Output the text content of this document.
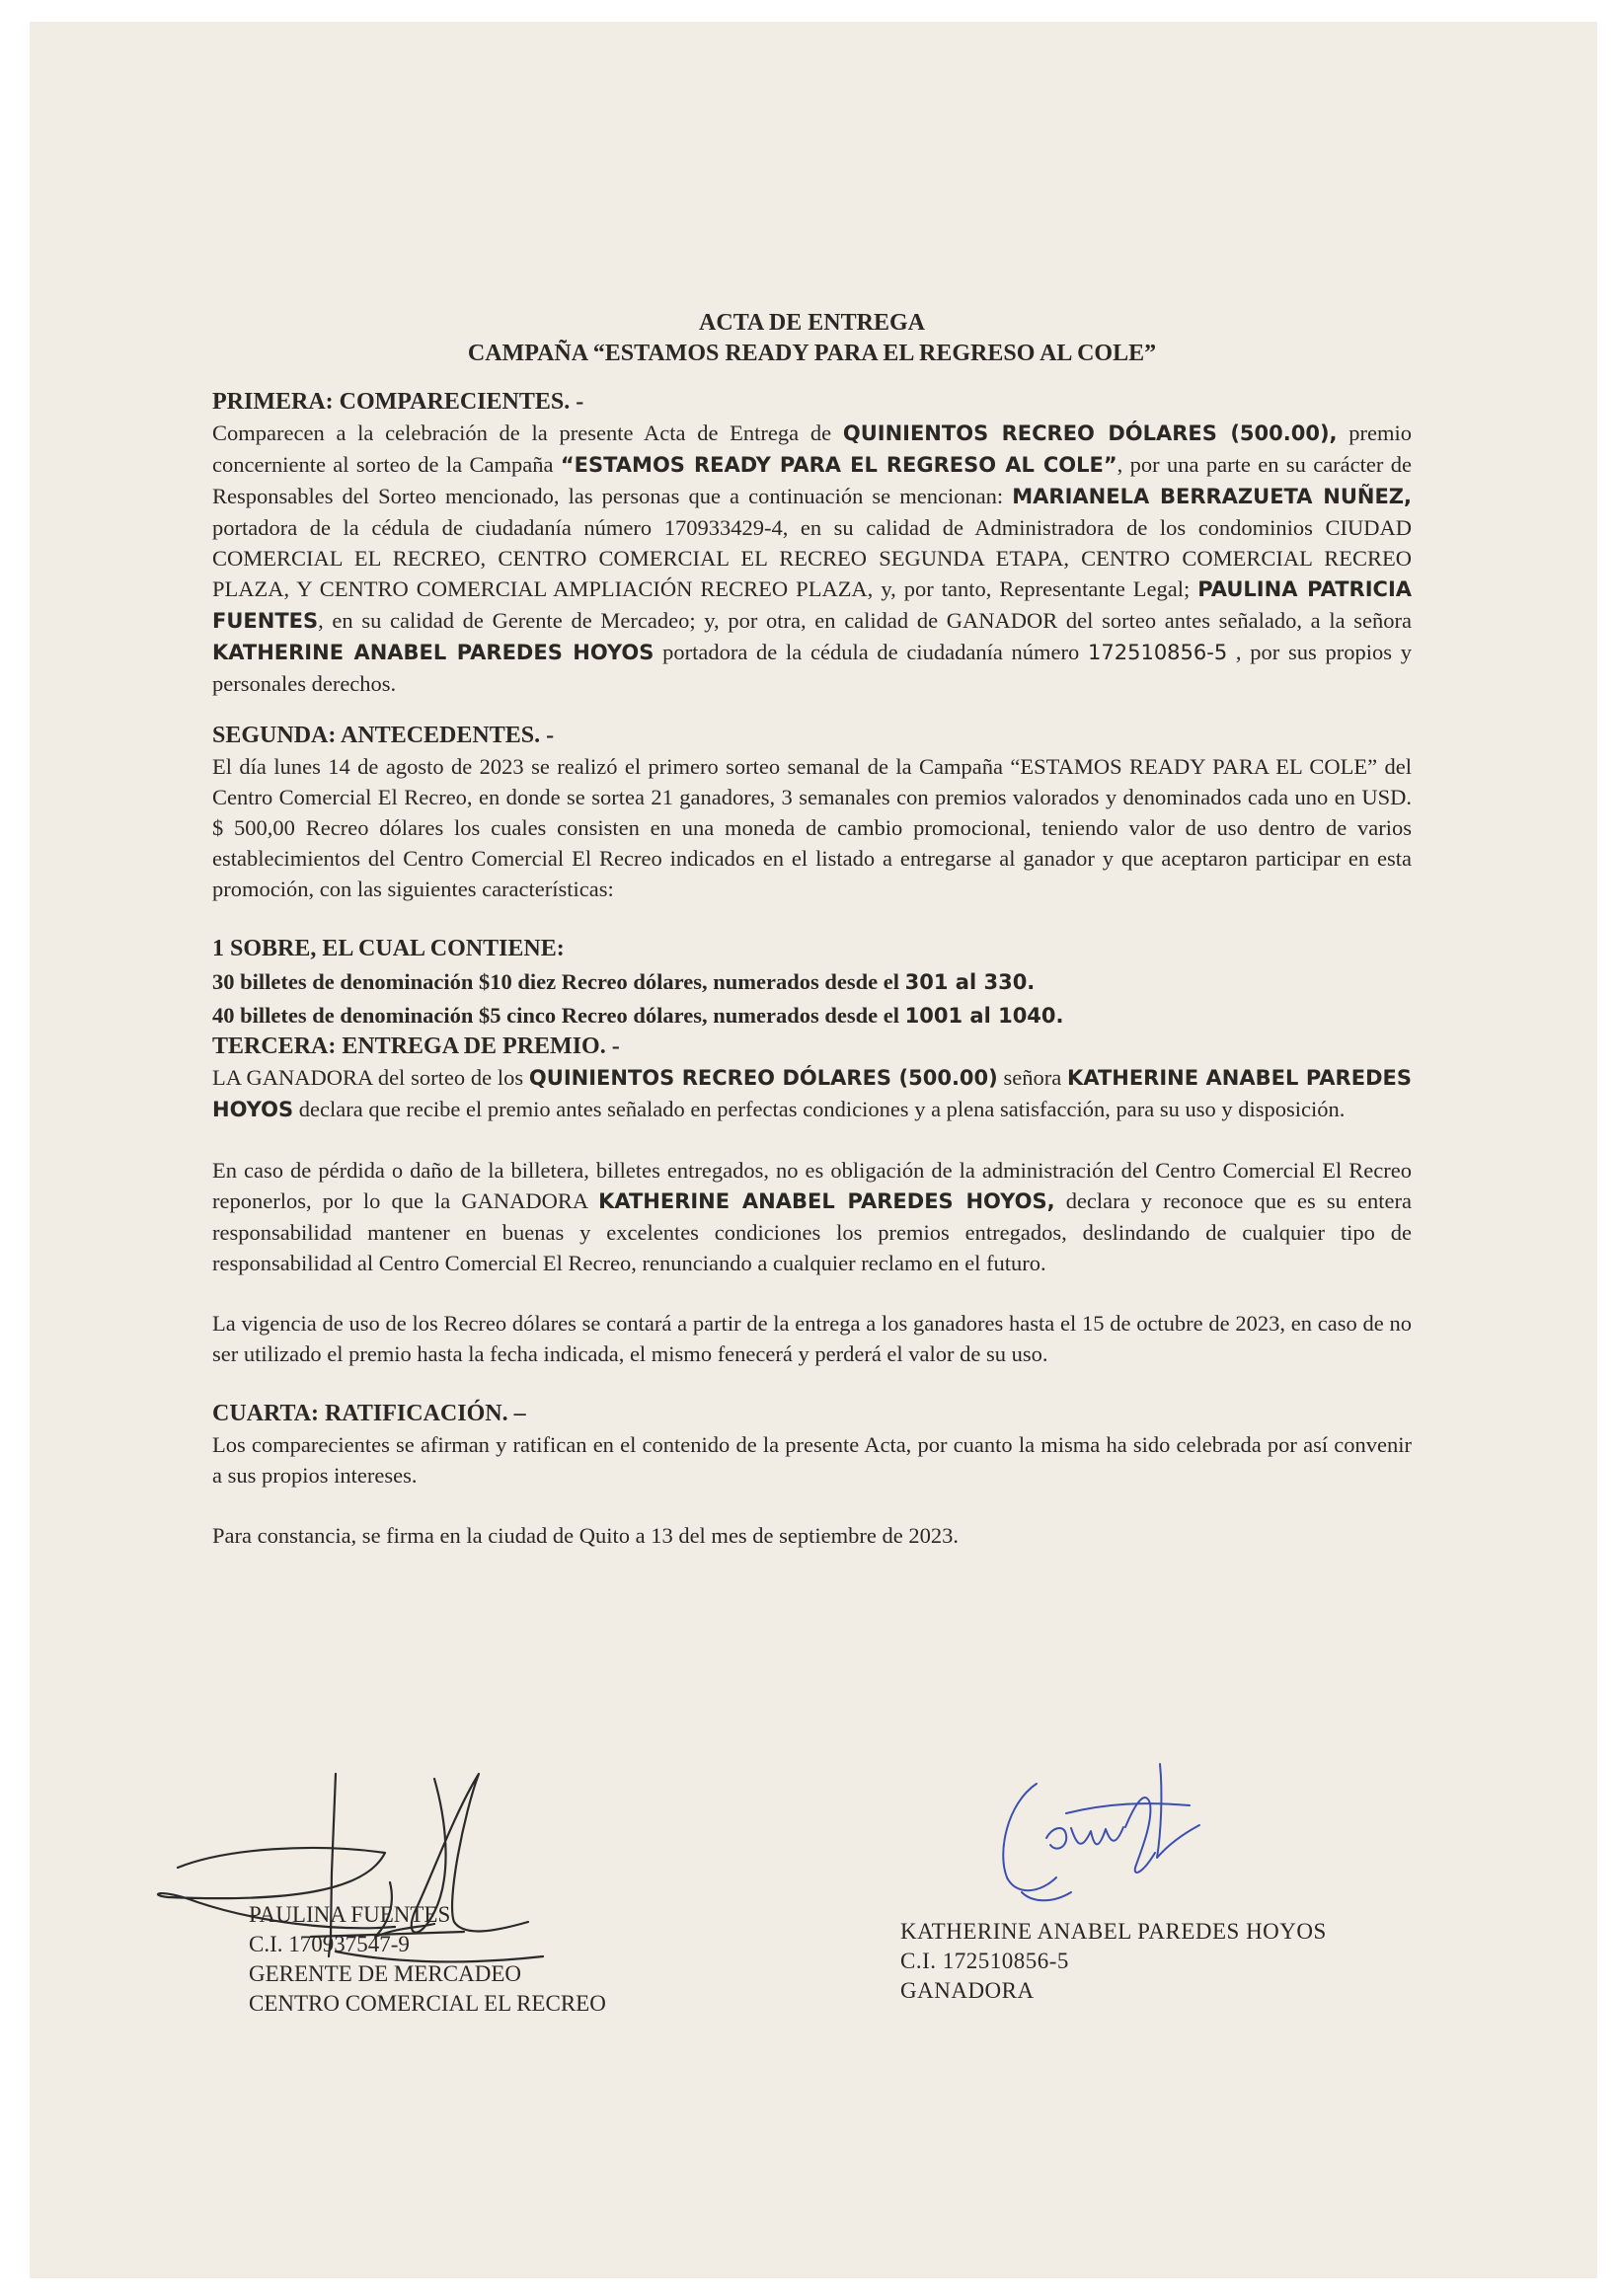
ACTA DE ENTREGA

CAMPAÑA “ESTAMOS READY PARA EL REGRESO AL COLE”

PRIMERA: COMPARECIENTES. -

Comparecen a la celebración de la presente Acta de Entrega de QUINIENTOS RECREO DÓLARES (500.00), premio concerniente al sorteo de la Campaña “ESTAMOS READY PARA EL REGRESO AL COLE”, por una parte en su carácter de Responsables del Sorteo mencionado, las personas que a continuación se mencionan: MARIANELA BERRAZUETA NUÑEZ, portadora de la cédula de ciudadanía número 170933429-4, en su calidad de Administradora de los condominios CIUDAD COMERCIAL EL RECREO, CENTRO COMERCIAL EL RECREO SEGUNDA ETAPA, CENTRO COMERCIAL RECREO PLAZA, Y CENTRO COMERCIAL AMPLIACIÓN RECREO PLAZA, y, por tanto, Representante Legal; PAULINA PATRICIA FUENTES, en su calidad de Gerente de Mercadeo; y, por otra, en calidad de GANADOR del sorteo antes señalado, a la señora KATHERINE ANABEL PAREDES HOYOS portadora de la cédula de ciudadanía número 172510856-5 , por sus propios y personales derechos.

SEGUNDA: ANTECEDENTES. -

El día lunes 14 de agosto de 2023 se realizó el primero sorteo semanal de la Campaña “ESTAMOS READY PARA EL COLE” del Centro Comercial El Recreo, en donde se sortea 21 ganadores, 3 semanales con premios valorados y denominados cada uno en USD. $ 500,00 Recreo dólares los cuales consisten en una moneda de cambio promocional, teniendo valor de uso dentro de varios establecimientos del Centro Comercial El Recreo indicados en el listado a entregarse al ganador y que aceptaron participar en esta promoción, con las siguientes características:

1 SOBRE, EL CUAL CONTIENE:

30 billetes de denominación $10 diez Recreo dólares, numerados desde el 301 al 330.

40 billetes de denominación $5 cinco Recreo dólares, numerados desde el 1001 al 1040.

TERCERA: ENTREGA DE PREMIO. -

LA GANADORA del sorteo de los QUINIENTOS RECREO DÓLARES (500.00) señora KATHERINE ANABEL PAREDES HOYOS declara que recibe el premio antes señalado en perfectas condiciones y a plena satisfacción, para su uso y disposición.

En caso de pérdida o daño de la billetera, billetes entregados, no es obligación de la administración del Centro Comercial El Recreo reponerlos, por lo que la GANADORA KATHERINE ANABEL PAREDES HOYOS, declara y reconoce que es su entera responsabilidad mantener en buenas y excelentes condiciones los premios entregados, deslindando de cualquier tipo de responsabilidad al Centro Comercial El Recreo, renunciando a cualquier reclamo en el futuro.

La vigencia de uso de los Recreo dólares se contará a partir de la entrega a los ganadores hasta el 15 de octubre de 2023, en caso de no ser utilizado el premio hasta la fecha indicada, el mismo fenecerá y perderá el valor de su uso.

CUARTA: RATIFICACIÓN. –

Los comparecientes se afirman y ratifican en el contenido de la presente Acta, por cuanto la misma ha sido celebrada por así convenir a sus propios intereses.

Para constancia, se firma en la ciudad de Quito a 13 del mes de septiembre de 2023.

PAULINA FUENTES
C.I. 170937547-9
GERENTE DE MERCADEO
CENTRO COMERCIAL EL RECREO
KATHERINE ANABEL PAREDES HOYOS
C.I. 172510856-5
GANADORA
